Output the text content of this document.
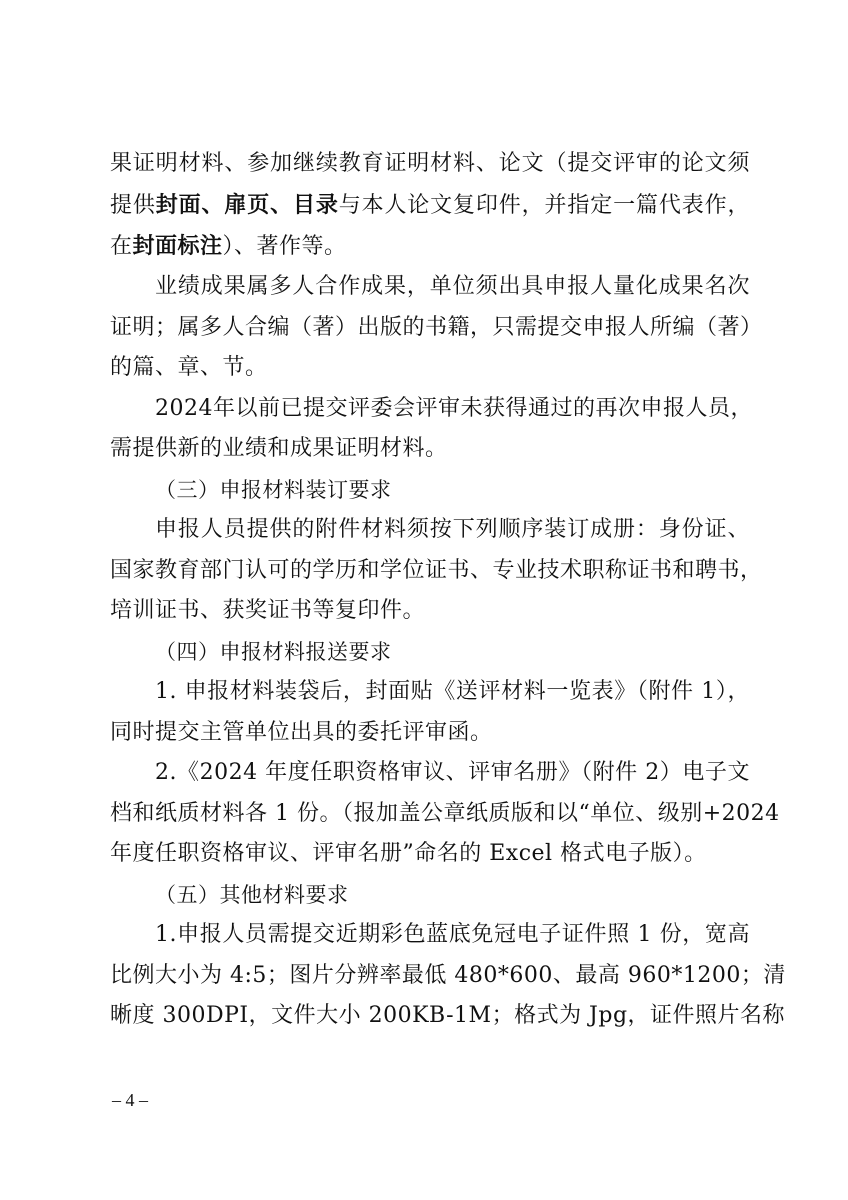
果证明材料、参加继续教育证明材料、论文（提交评审的论文须
提供封面、扉页、目录与本人论文复印件，并指定一篇代表作，
在封面标注）、著作等。
业绩成果属多人合作成果，单位须出具申报人量化成果名次
证明；属多人合编（著）出版的书籍，只需提交申报人所编（著）
的篇、章、节。
2024年以前已提交评委会评审未获得通过的再次申报人员，
需提供新的业绩和成果证明材料。
（三）申报材料装订要求
申报人员提供的附件材料须按下列顺序装订成册：身份证、
国家教育部门认可的学历和学位证书、专业技术职称证书和聘书，
培训证书、获奖证书等复印件。
（四）申报材料报送要求
1. 申报材料装袋后，封面贴《送评材料一览表》（附件 1），
同时提交主管单位出具的委托评审函。
2.《2024 年度任职资格审议、评审名册》（附件 2）电子文
档和纸质材料各 1 份。（报加盖公章纸质版和以“单位、级别+2024
年度任职资格审议、评审名册”命名的 Excel 格式电子版）。
（五）其他材料要求
1.申报人员需提交近期彩色蓝底免冠电子证件照 1 份，宽高
比例大小为 4:5；图片分辨率最低 480*600、最高 960*1200；清
晰度 300DPI，文件大小 200KB-1M；格式为 Jpg，证件照片名称
– 4 –
